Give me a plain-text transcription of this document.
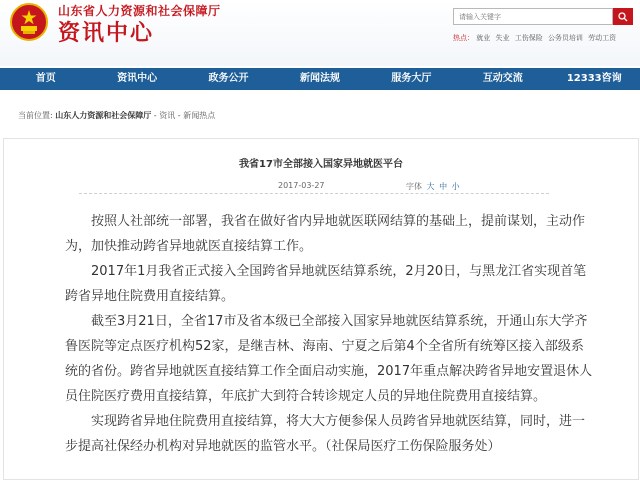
山东省人力资源和社会保障厅
资讯中心
请输入关键字	热点： 就业 失业 工伤保险 公务员培训 劳动工资
首页	资讯中心	政务公开	新闻法规	服务大厅	互动交流	12333咨询
当前位置: 山东人力资源和社会保障厅 - 资讯 - 新闻热点
我省17市全部接入国家异地就医平台
2017-03-27	字体 大 中 小

按照人社部统一部署，我省在做好省内异地就医联网结算的基础上，提前谋划，主动作为，加快推动跨省异地就医直接结算工作。

2017年1月我省正式接入全国跨省异地就医结算系统，2月20日，与黑龙江省实现首笔跨省异地住院费用直接结算。

截至3月21日，全省17市及省本级已全部接入国家异地就医结算系统，开通山东大学齐鲁医院等定点医疗机构52家，是继吉林、海南、宁夏之后第4个全省所有统筹区接入部级系统的省份。跨省异地就医直接结算工作全面启动实施，2017年重点解决跨省异地安置退休人员住院医疗费用直接结算，年底扩大到符合转诊规定人员的异地住院费用直接结算。

实现跨省异地住院费用直接结算，将大大方便参保人员跨省异地就医结算，同时，进一步提高社保经办机构对异地就医的监管水平。（社保局医疗工伤保险服务处）
